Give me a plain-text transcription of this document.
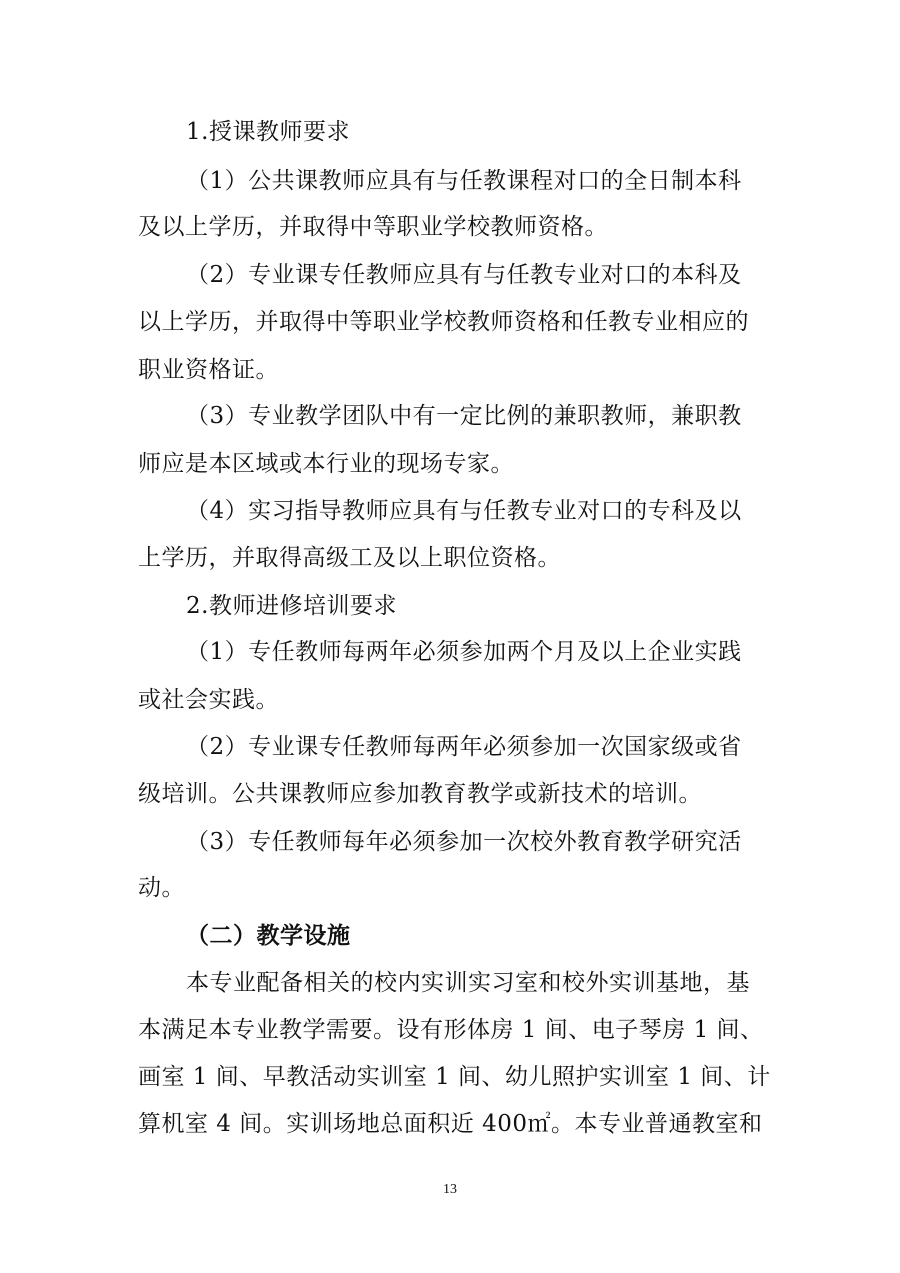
1.授课教师要求
（1）公共课教师应具有与任教课程对口的全日制本科
及以上学历，并取得中等职业学校教师资格。
（2）专业课专任教师应具有与任教专业对口的本科及
以上学历，并取得中等职业学校教师资格和任教专业相应的
职业资格证。
（3）专业教学团队中有一定比例的兼职教师，兼职教
师应是本区域或本行业的现场专家。
（4）实习指导教师应具有与任教专业对口的专科及以
上学历，并取得高级工及以上职位资格。
2.教师进修培训要求
（1）专任教师每两年必须参加两个月及以上企业实践
或社会实践。
（2）专业课专任教师每两年必须参加一次国家级或省
级培训。公共课教师应参加教育教学或新技术的培训。
（3）专任教师每年必须参加一次校外教育教学研究活
动。
（二）教学设施
本专业配备相关的校内实训实习室和校外实训基地，基
本满足本专业教学需要。设有形体房 1 间、电子琴房 1 间、
画室 1 间、早教活动实训室 1 间、幼儿照护实训室 1 间、计
算机室 4 间。实训场地总面积近 400㎡。本专业普通教室和
13
